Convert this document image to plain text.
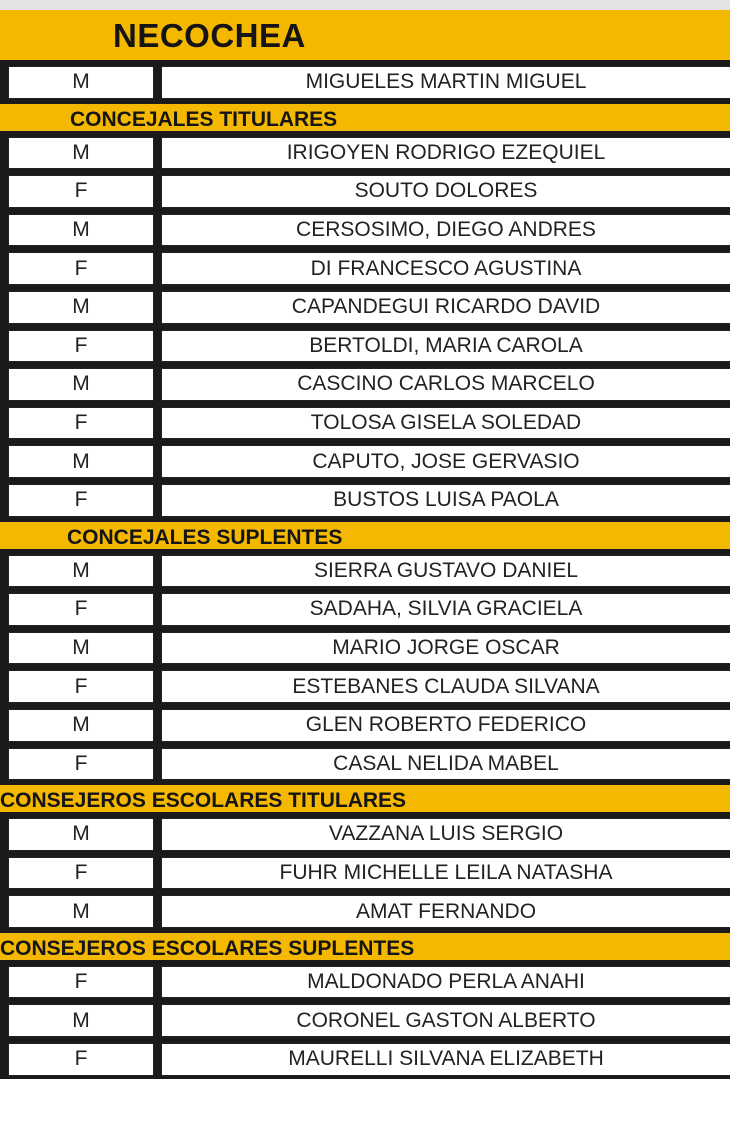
NECOCHEA
M	MIGUELES MARTIN MIGUEL
CONCEJALES TITULARES
M	IRIGOYEN RODRIGO EZEQUIEL
F	SOUTO DOLORES
M	CERSOSIMO, DIEGO ANDRES
F	DI FRANCESCO AGUSTINA
M	CAPANDEGUI RICARDO DAVID
F	BERTOLDI, MARIA CAROLA
M	CASCINO CARLOS MARCELO
F	TOLOSA GISELA SOLEDAD
M	CAPUTO, JOSE GERVASIO
F	BUSTOS LUISA PAOLA
CONCEJALES SUPLENTES
M	SIERRA GUSTAVO DANIEL
F	SADAHA, SILVIA GRACIELA
M	MARIO JORGE OSCAR
F	ESTEBANES CLAUDA SILVANA
M	GLEN ROBERTO FEDERICO
F	CASAL NELIDA MABEL
CONSEJEROS ESCOLARES TITULARES
M	VAZZANA LUIS SERGIO
F	FUHR MICHELLE LEILA NATASHA
M	AMAT FERNANDO
CONSEJEROS ESCOLARES SUPLENTES
F	MALDONADO PERLA ANAHI
M	CORONEL GASTON ALBERTO
F	MAURELLI SILVANA ELIZABETH
